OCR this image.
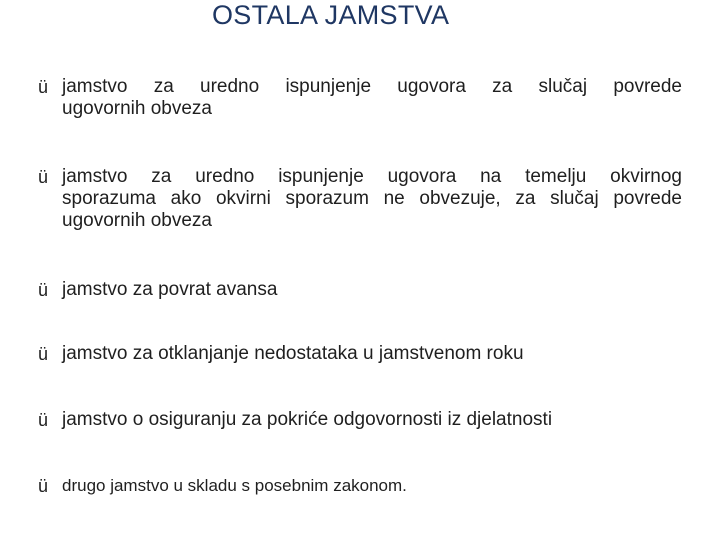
OSTALA JAMSTVA
ü jamstvo za uredno ispunjenje ugovora za slučaj povrede
ugovornih obveza
ü jamstvo za uredno ispunjenje ugovora na temelju okvirnog
sporazuma ako okvirni sporazum ne obvezuje, za slučaj povrede
ugovornih obveza
ü jamstvo za povrat avansa
ü jamstvo za otklanjanje nedostataka u jamstvenom roku
ü jamstvo o osiguranju za pokriće odgovornosti iz djelatnosti
ü drugo jamstvo u skladu s posebnim zakonom.
